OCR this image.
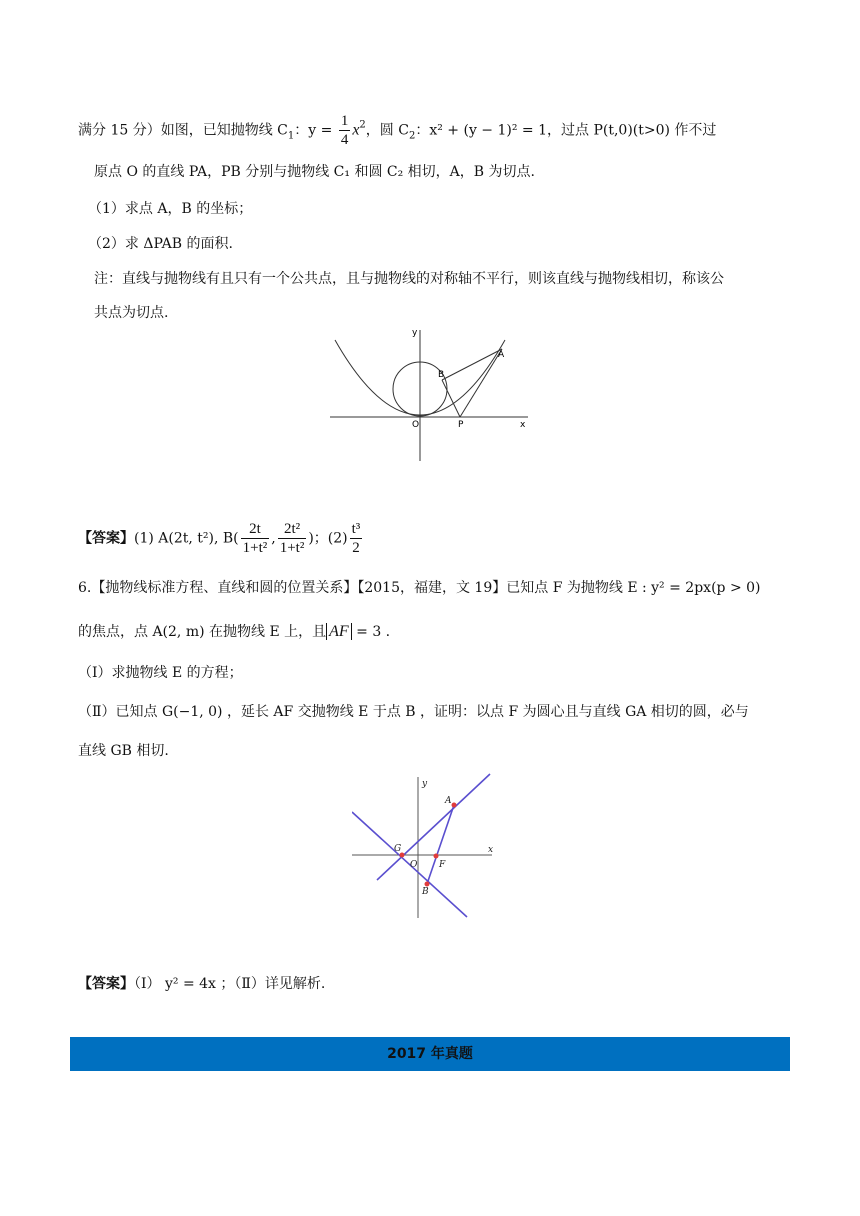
满分 15 分）如图，已知抛物线 $C_1$：$y = \frac{1}{4} x^2$，圆 $C_2$：x² + (y − 1)² = 1，过点 P(t,0)(t>0) 作不过
原点 O 的直线 PA，PB 分别与抛物线 C₁ 和圆 C₂ 相切，A，B 为切点.
（1）求点 A，B 的坐标；
（2）求 ΔPAB 的面积.
注：直线与抛物线有且只有一个公共点，且与抛物线的对称轴不平行，则该直线与抛物线相切，称该公
共点为切点.
y
x
O	P
A
B
【答案】(1) A(2t, t²), $B( \frac{2t}{\text{1+t²}}$ , $\frac{\text{2t²}}{\text{1+t²}}$ )；$(2) \frac{\text{t³}}{2}$
6.【抛物线标准方程、直线和圆的位置关系】【2015，福建，文 19】已知点 F 为抛物线 E : y² = 2px(p > 0)
的焦点，点 A(2, m) 在抛物线 E 上，且 AF = 3 .
（Ⅰ）求抛物线 E 的方程；
（Ⅱ）已知点 G(−1, 0) ，延长 AF 交抛物线 E 于点 B ，证明：以点 F 为圆心且与直线 GA 相切的圆，必与
直线 GB 相切.
y
x
O
G
A
F
B
【答案】（Ⅰ） y² = 4x ；（Ⅱ）详见解析.
2017 年真题
